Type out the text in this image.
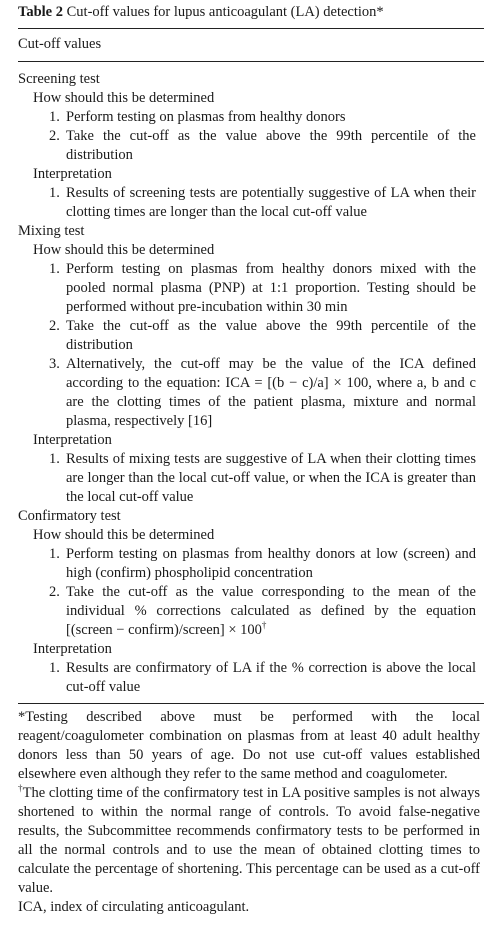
Table 2 Cut-off values for lupus anticoagulant (LA) detection*
Cut-off values

Screening test

How should this be determined

1. Perform testing on plasmas from healthy donors
2. Take the cut-off as the value above the 99th percentile of the distribution

Interpretation

1. Results of screening tests are potentially suggestive of LA when their clotting times are longer than the local cut-off value

Mixing test

How should this be determined

1. Perform testing on plasmas from healthy donors mixed with the pooled normal plasma (PNP) at 1:1 proportion. Testing should be performed without pre-incubation within 30 min
2. Take the cut-off as the value above the 99th percentile of the distribution
3. Alternatively, the cut-off may be the value of the ICA defined according to the equation: ICA = [(b − c)/a] × 100, where a, b and c are the clotting times of the patient plasma, mixture and normal plasma, respectively [16]

Interpretation

1. Results of mixing tests are suggestive of LA when their clotting times are longer than the local cut-off value, or when the ICA is greater than the local cut-off value

Confirmatory test

How should this be determined

1. Perform testing on plasmas from healthy donors at low (screen) and high (confirm) phospholipid concentration
2. Take the cut-off as the value corresponding to the mean of the individual % corrections calculated as defined by the equation [(screen − confirm)/screen] × 100†

Interpretation

1. Results are confirmatory of LA if the % correction is above the local cut-off value

*Testing described above must be performed with the local reagent/coagulometer combination on plasmas from at least 40 adult healthy donors less than 50 years of age. Do not use cut-off values established elsewhere even although they refer to the same method and coagulometer.

†The clotting time of the confirmatory test in LA positive samples is not always shortened to within the normal range of controls. To avoid false-negative results, the Subcommittee recommends confirmatory tests to be performed in all the normal controls and to use the mean of obtained clotting times to calculate the percentage of shortening. This percentage can be used as a cut-off value.

ICA, index of circulating anticoagulant.
